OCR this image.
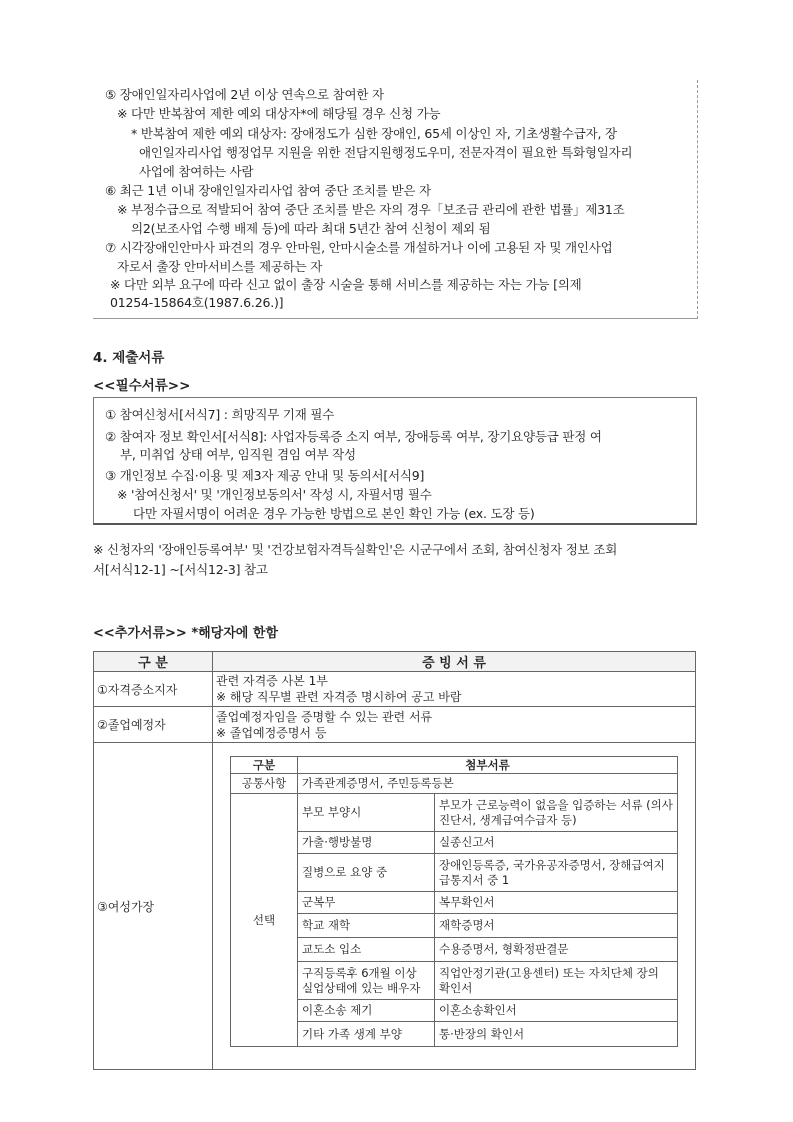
⑤ 장애인일자리사업에 2년 이상 연속으로 참여한 자
※ 다만 반복참여 제한 예외 대상자*에 해당될 경우 신청 가능
* 반복참여 제한 예외 대상자: 장애정도가 심한 장애인, 65세 이상인 자, 기초생활수급자, 장
애인일자리사업 행정업무 지원을 위한 전담지원행정도우미, 전문자격이 필요한 특화형일자리
사업에 참여하는 사람
⑥ 최근 1년 이내 장애인일자리사업 참여 중단 조치를 받은 자
※ 부정수급으로 적발되어 참여 중단 조치를 받은 자의 경우「보조금 관리에 관한 법률」제31조
의2(보조사업 수행 배제 등)에 따라 최대 5년간 참여 신청이 제외 됨
⑦ 시각장애인안마사 파견의 경우 안마원, 안마시술소를 개설하거나 이에 고용된 자 및 개인사업
자로서 출장 안마서비스를 제공하는 자
※ 다만 외부 요구에 따라 신고 없이 출장 시술을 통해 서비스를 제공하는 자는 가능 [의제
01254-15864호(1987.6.26.)]
4. 제출서류
<<필수서류>>
① 참여신청서[서식7] : 희망직무 기재 필수
② 참여자 정보 확인서[서식8]: 사업자등록증 소지 여부, 장애등록 여부, 장기요양등급 판정 여
부, 미취업 상태 여부, 임직원 겸임 여부 작성
③ 개인정보 수집·이용 및 제3자 제공 안내 및 동의서[서식9]
※ '참여신청서' 및 '개인정보동의서' 작성 시, 자필서명 필수
다만 자필서명이 어려운 경우 가능한 방법으로 본인 확인 가능 (ex. 도장 등)
※ 신청자의 '장애인등록여부' 및 '건강보험자격득실확인'은 시군구에서 조회, 참여신청자 정보 조회
서[서식12-1] ~[서식12-3] 참고
<<추가서류>> *해당자에 한함
구 분	증 빙 서 류
①자격증소지자	관련 자격증 사본 1부
※ 해당 직무별 관련 자격증 명시하여 공고 바람

②졸업예정자	졸업예정자임을 증명할 수 있는 관련 서류
※ 졸업예정증명서 등

③여성가장	
구분	첨부서류	
공통사항	가족관계증명서, 주민등록등본	
선택	부모 부양시	부모가 근로능력이 없음을 입증하는 서류 (의사진단서, 생계급여수급자 등)
	가출·행방불명	실종신고서
	질병으로 요양 중	장애인등록증, 국가유공자증명서, 장해급여지급통지서 중 1
	군복무	복무확인서
	학교 재학	재학증명서
	교도소 입소	수용증명서, 형확정판결문
	구직등록후 6개월 이상 실업상태에 있는 배우자	직업안정기관(고용센터) 또는 자치단체 장의 확인서
	이혼소송 제기	이혼소송확인서
	기타 가족 생계 부양	통·반장의 확인서
